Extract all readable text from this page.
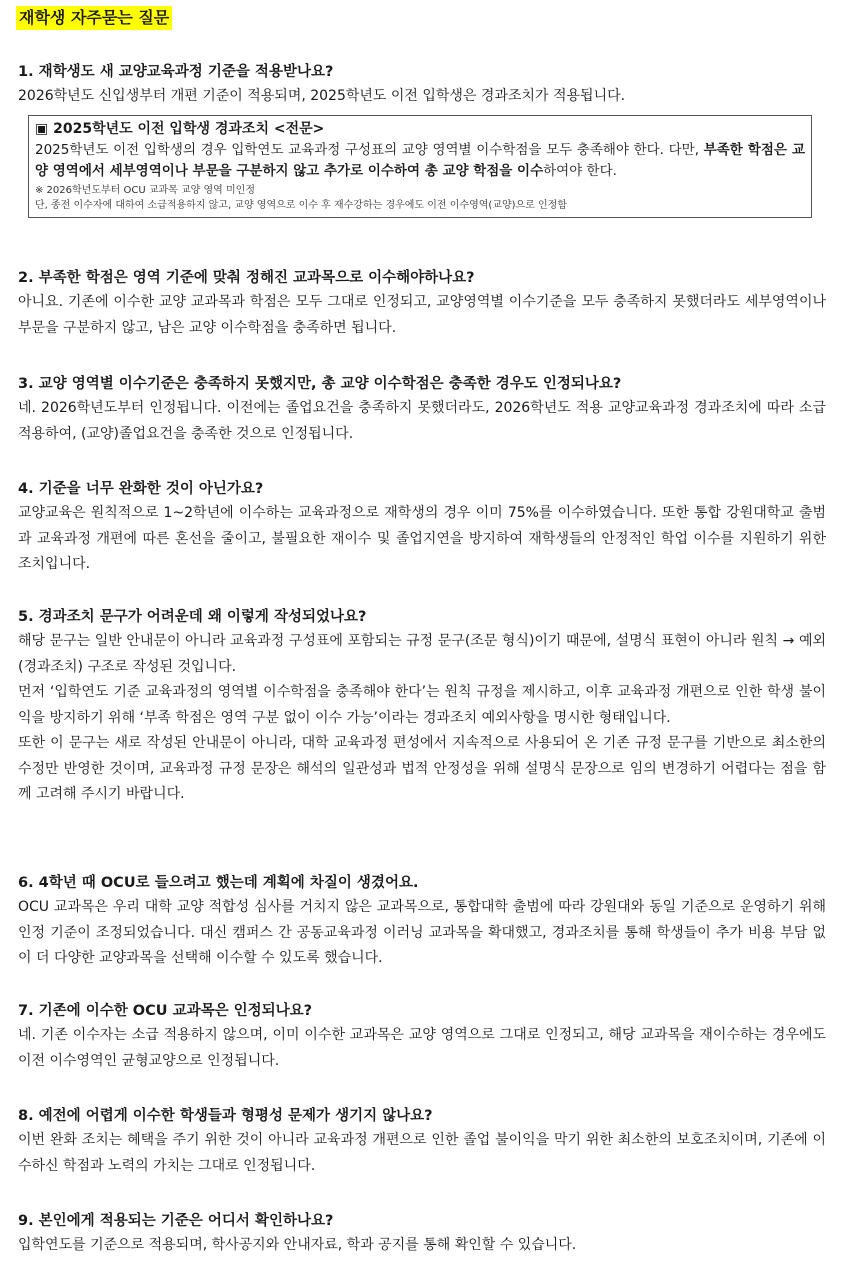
재학생 자주묻는 질문

1. 재학생도 새 교양교육과정 기준을 적용받나요?

2026학년도 신입생부터 개편 기준이 적용되며, 2025학년도 이전 입학생은 경과조치가 적용됩니다.

▣ 2025학년도 이전 입학생 경과조치 <전문>

2025학년도 이전 입학생의 경우 입학연도 교육과정 구성표의 교양 영역별 이수학점을 모두 충족해야 한다. 다만, 부족한 학점은 교양 영역에서 세부영역이나 부문을 구분하지 않고 추가로 이수하여 총 교양 학점을 이수하여야 한다.

※ 2026학년도부터 OCU 교과목 교양 영역 미인정

단, 종전 이수자에 대하여 소급적용하지 않고, 교양 영역으로 이수 후 재수강하는 경우에도 이전 이수영역(교양)으로 인정함

2. 부족한 학점은 영역 기준에 맞춰 정해진 교과목으로 이수해야하나요?

아니요. 기존에 이수한 교양 교과목과 학점은 모두 그대로 인정되고, 교양영역별 이수기준을 모두 충족하지 못했더라도 세부영역이나 부문을 구분하지 않고, 남은 교양 이수학점을 충족하면 됩니다.

3. 교양 영역별 이수기준은 충족하지 못했지만, 총 교양 이수학점은 충족한 경우도 인정되나요?

네. 2026학년도부터 인정됩니다. 이전에는 졸업요건을 충족하지 못했더라도, 2026학년도 적용 교양교육과정 경과조치에 따라 소급적용하여, (교양)졸업요건을 충족한 것으로 인정됩니다.

4. 기준을 너무 완화한 것이 아닌가요?

교양교육은 원칙적으로 1~2학년에 이수하는 교육과정으로 재학생의 경우 이미 75%를 이수하였습니다. 또한 통합 강원대학교 출범과 교육과정 개편에 따른 혼선을 줄이고, 불필요한 재이수 및 졸업지연을 방지하여 재학생들의 안정적인 학업 이수를 지원하기 위한 조치입니다.

5. 경과조치 문구가 어려운데 왜 이렇게 작성되었나요?

해당 문구는 일반 안내문이 아니라 교육과정 구성표에 포함되는 규정 문구(조문 형식)이기 때문에, 설명식 표현이 아니라 원칙 → 예외(경과조치) 구조로 작성된 것입니다.

먼저 ‘입학연도 기준 교육과정의 영역별 이수학점을 충족해야 한다’는 원칙 규정을 제시하고, 이후 교육과정 개편으로 인한 학생 불이익을 방지하기 위해 ‘부족 학점은 영역 구분 없이 이수 가능’이라는 경과조치 예외사항을 명시한 형태입니다.

또한 이 문구는 새로 작성된 안내문이 아니라, 대학 교육과정 편성에서 지속적으로 사용되어 온 기존 규정 문구를 기반으로 최소한의 수정만 반영한 것이며, 교육과정 규정 문장은 해석의 일관성과 법적 안정성을 위해 설명식 문장으로 임의 변경하기 어렵다는 점을 함께 고려해 주시기 바랍니다.

6. 4학년 때 OCU로 들으려고 했는데 계획에 차질이 생겼어요.

OCU 교과목은 우리 대학 교양 적합성 심사를 거치지 않은 교과목으로, 통합대학 출범에 따라 강원대와 동일 기준으로 운영하기 위해 인정 기준이 조정되었습니다. 대신 캠퍼스 간 공동교육과정 이러닝 교과목을 확대했고, 경과조치를 통해 학생들이 추가 비용 부담 없이 더 다양한 교양과목을 선택해 이수할 수 있도록 했습니다.

7. 기존에 이수한 OCU 교과목은 인정되나요?

네. 기존 이수자는 소급 적용하지 않으며, 이미 이수한 교과목은 교양 영역으로 그대로 인정되고, 해당 교과목을 재이수하는 경우에도 이전 이수영역인 균형교양으로 인정됩니다.

8. 예전에 어렵게 이수한 학생들과 형평성 문제가 생기지 않나요?

이번 완화 조치는 혜택을 주기 위한 것이 아니라 교육과정 개편으로 인한 졸업 불이익을 막기 위한 최소한의 보호조치이며, 기존에 이수하신 학점과 노력의 가치는 그대로 인정됩니다.

9. 본인에게 적용되는 기준은 어디서 확인하나요?

입학연도를 기준으로 적용되며, 학사공지와 안내자료, 학과 공지를 통해 확인할 수 있습니다.
